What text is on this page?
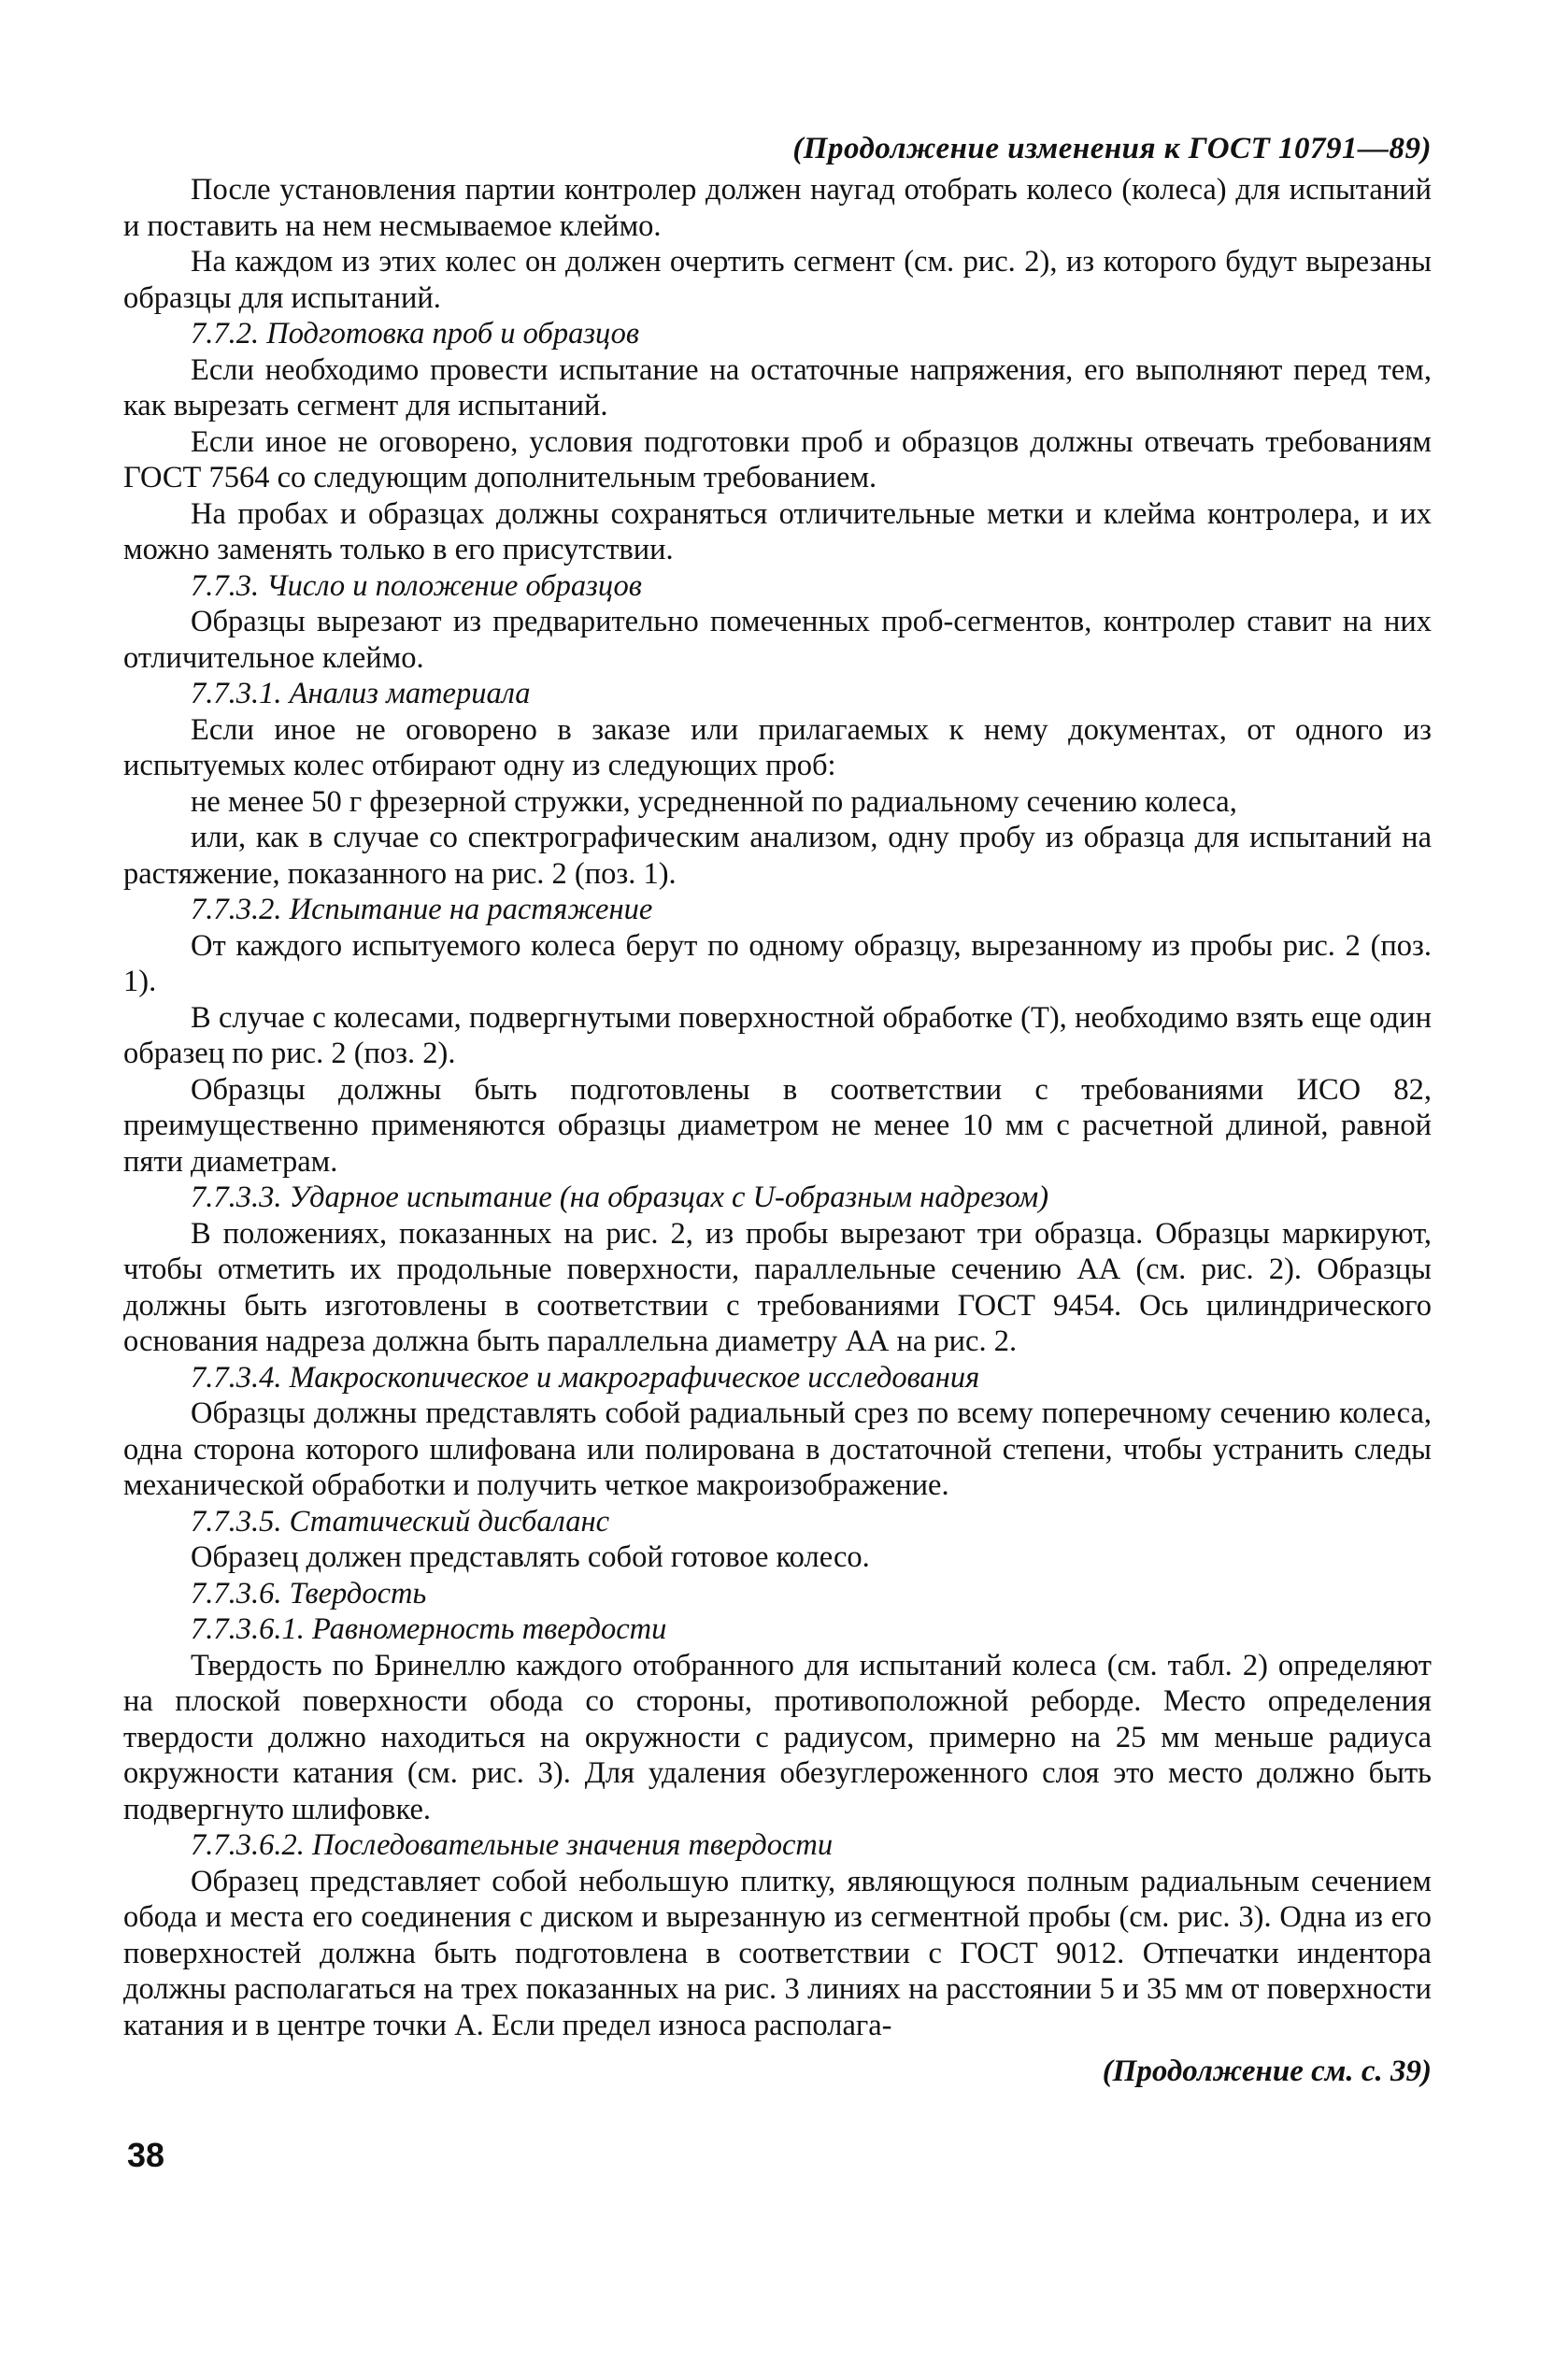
(Продолжение изменения к ГОСТ 10791—89)

После установления партии контролер должен наугад отобрать колесо (колеса) для испытаний и поставить на нем несмываемое клеймо.

На каждом из этих колес он должен очертить сегмент (см. рис. 2), из которого будут вырезаны образцы для испытаний.

7.7.2. Подготовка проб и образцов

Если необходимо провести испытание на остаточные напряжения, его выполняют перед тем, как вырезать сегмент для испытаний.

Если иное не оговорено, условия подготовки проб и образцов должны отвечать требованиям ГОСТ 7564 со следующим дополнительным требованием.

На пробах и образцах должны сохраняться отличительные метки и клейма контролера, и их можно заменять только в его присутствии.

7.7.3. Число и положение образцов

Образцы вырезают из предварительно помеченных проб-сегментов, контролер ставит на них отличительное клеймо.

7.7.3.1. Анализ материала

Если иное не оговорено в заказе или прилагаемых к нему документах, от одного из испытуемых колес отбирают одну из следующих проб:

не менее 50 г фрезерной стружки, усредненной по радиальному сечению колеса,

или, как в случае со спектрографическим анализом, одну пробу из образца для испытаний на растяжение, показанного на рис. 2 (поз. 1).

7.7.3.2. Испытание на растяжение

От каждого испытуемого колеса берут по одному образцу, вырезанному из пробы рис. 2 (поз. 1).

В случае с колесами, подвергнутыми поверхностной обработке (Т), необходимо взять еще один образец по рис. 2 (поз. 2).

Образцы должны быть подготовлены в соответствии с требованиями ИСО 82, преимущественно применяются образцы диаметром не менее 10 мм с расчетной длиной, равной пяти диаметрам.

7.7.3.3. Ударное испытание (на образцах с U-образным надрезом)

В положениях, показанных на рис. 2, из пробы вырезают три образца. Образцы маркируют, чтобы отметить их продольные поверхности, параллельные сечению АА (см. рис. 2). Образцы должны быть изготовлены в соответствии с требованиями ГОСТ 9454. Ось цилиндрического основания надреза должна быть параллельна диаметру АА на рис. 2.

7.7.3.4. Макроскопическое и макрографическое исследования

Образцы должны представлять собой радиальный срез по всему поперечному сечению колеса, одна сторона которого шлифована или полирована в достаточной степени, чтобы устранить следы механической обработки и получить четкое макроизображение.

7.7.3.5. Статический дисбаланс

Образец должен представлять собой готовое колесо.

7.7.3.6. Твердость

7.7.3.6.1. Равномерность твердости

Твердость по Бринеллю каждого отобранного для испытаний колеса (см. табл. 2) определяют на плоской поверхности обода со стороны, противоположной реборде. Место определения твердости должно находиться на окружности с радиусом, примерно на 25 мм меньше радиуса окружности катания (см. рис. 3). Для удаления обезуглероженного слоя это место должно быть подвергнуто шлифовке.

7.7.3.6.2. Последовательные значения твердости

Образец представляет собой небольшую плитку, являющуюся полным радиальным сечением обода и места его соединения с диском и вырезанную из сегментной пробы (см. рис. 3). Одна из его поверхностей должна быть подготовлена в соответствии с ГОСТ 9012. Отпечатки индентора должны располагаться на трех показанных на рис. 3 линиях на расстоянии 5 и 35 мм от поверхности катания и в центре точки А. Если предел износа располага-

(Продолжение см. с. 39)
38
